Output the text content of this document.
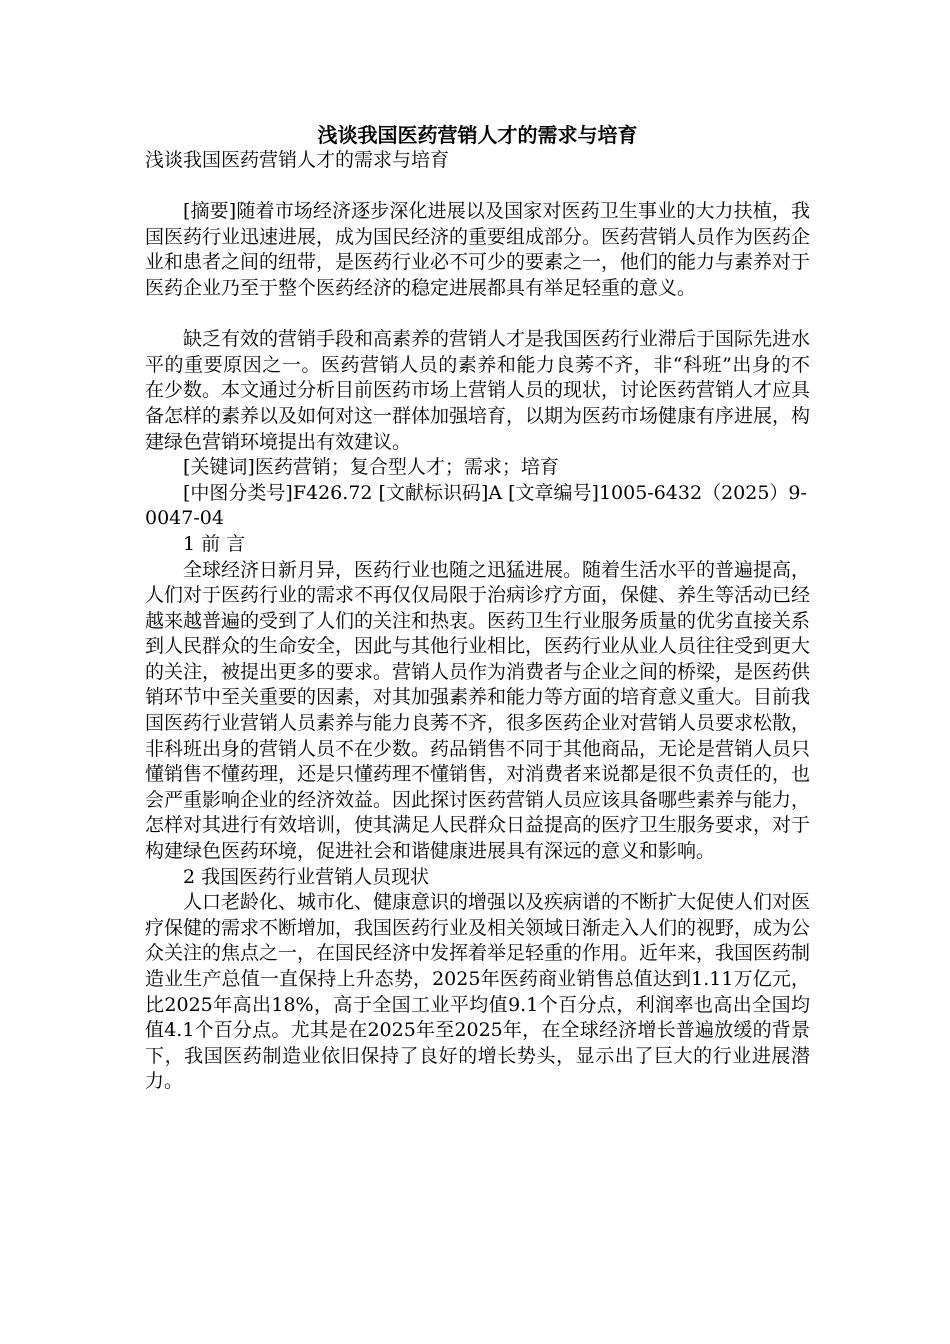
浅谈我国医药营销人才的需求与培育
浅谈我国医药营销人才的需求与培育

[摘要]随着市场经济逐步深化进展以及国家对医药卫生事业的大力扶植，我国医药行业迅速进展，成为国民经济的重要组成部分。医药营销人员作为医药企业和患者之间的纽带，是医药行业必不可少的要素之一，他们的能力与素养对于医药企业乃至于整个医药经济的稳定进展都具有举足轻重的意义。

缺乏有效的营销手段和高素养的营销人才是我国医药行业滞后于国际先进水平的重要原因之一。医药营销人员的素养和能力良莠不齐，非“科班”出身的不在少数。本文通过分析目前医药市场上营销人员的现状，讨论医药营销人才应具备怎样的素养以及如何对这一群体加强培育，以期为医药市场健康有序进展，构建绿色营销环境提出有效建议。

[关键词]医药营销；复合型人才；需求；培育

[中图分类号]F426.72 [文献标识码]A [文章编号]1005-6432（2025）9-0047-04

1 前 言

全球经济日新月异，医药行业也随之迅猛进展。随着生活水平的普遍提高，人们对于医药行业的需求不再仅仅局限于治病诊疗方面，保健、养生等活动已经越来越普遍的受到了人们的关注和热衷。医药卫生行业服务质量的优劣直接关系到人民群众的生命安全，因此与其他行业相比，医药行业从业人员往往受到更大的关注，被提出更多的要求。营销人员作为消费者与企业之间的桥梁，是医药供销环节中至关重要的因素，对其加强素养和能力等方面的培育意义重大。目前我国医药行业营销人员素养与能力良莠不齐，很多医药企业对营销人员要求松散，非科班出身的营销人员不在少数。药品销售不同于其他商品，无论是营销人员只懂销售不懂药理，还是只懂药理不懂销售，对消费者来说都是很不负责任的，也会严重影响企业的经济效益。因此探讨医药营销人员应该具备哪些素养与能力，怎样对其进行有效培训，使其满足人民群众日益提高的医疗卫生服务要求，对于构建绿色医药环境，促进社会和谐健康进展具有深远的意义和影响。

2 我国医药行业营销人员现状

人口老龄化、城市化、健康意识的增强以及疾病谱的不断扩大促使人们对医疗保健的需求不断增加，我国医药行业及相关领域日渐走入人们的视野，成为公众关注的焦点之一，在国民经济中发挥着举足轻重的作用。近年来，我国医药制造业生产总值一直保持上升态势，2025年医药商业销售总值达到1.11万亿元，比2025年高出18%，高于全国工业平均值9.1个百分点，利润率也高出全国均值4.1个百分点。尤其是在2025年至2025年，在全球经济增长普遍放缓的背景下，我国医药制造业依旧保持了良好的增长势头，显示出了巨大的行业进展潜力。
